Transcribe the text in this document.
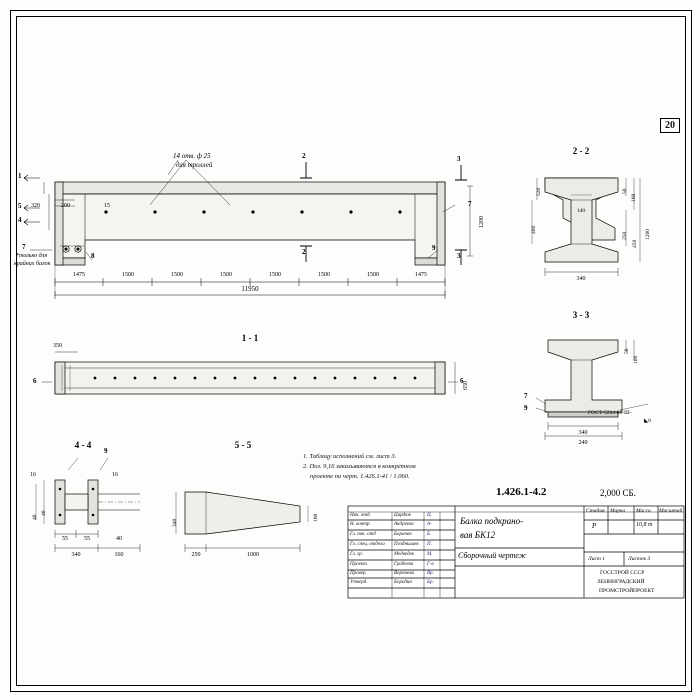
20
14 отв. ф 25
для троллей
2
2
3
3
1
5
4
320	200	15
1200
7
8
7
9
*только для
крайних балок
1475	1500	1500	1500	1500	1500	1500	1475
11950
1 - 1
350
650
6	6
2 - 2
520
400
140
50
160
1200
250
450
340
3 - 3
50
160
340
240
7
9
ГОСТ-5264-80-Ш-
◣6
4 - 4
9
16	16
40
40
55	55	40
340	160
5 - 5
340
160
250	1000
1. Таблицу исполнений см. лист 3.
2. Поз. 9,16 заказываются в конкретном
проекте по черт. 1.426.1-41 / 1.060.
1.426.1-4.2	2,000 СБ.
Балка подкрано-
вая БК12
Сборочный чертеж
Стадия Марка Масса Масштаб
Р	10,8 т
Лист 1	Листов 3
ГОССТРОЙ СССР
ЛЕНИНГРАДСКИЙ
ПРОМСТРОЙПРОЕКТ
Нач. отд.	Цардюк	Ц.
Н. контр.	Андреева	А-
Гл. пок. отд	Баранов	Б.
Гл. спец. отдела Позднышев П.
Гл. гр.	Медведев	М.
Проект.	Грабеева	Г-в
Провер.	Воронова	Вр.
Утверд.	Бородин	Бр.
